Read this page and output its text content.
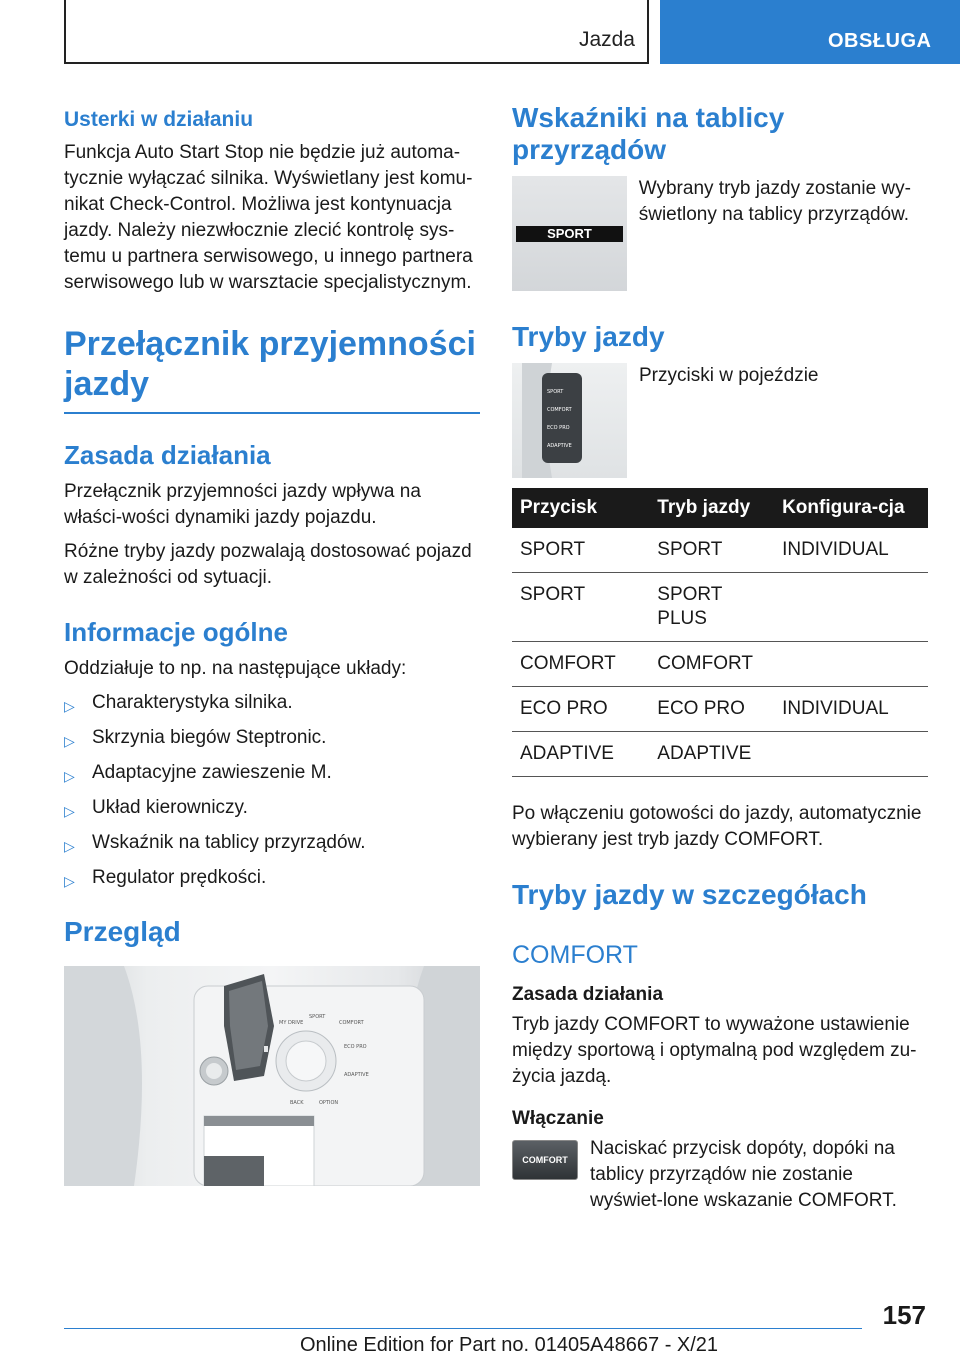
Jazda	OBSŁUGA
Usterki w działaniu

Funkcja Auto Start Stop nie będzie już automa-tycznie wyłączać silnika. Wyświetlany jest komu-nikat Check-Control. Możliwa jest kontynuacja jazdy. Należy niezwłocznie zlecić kontrolę sys-temu u partnera serwisowego, u innego partnera serwisowego lub w warsztacie specjalistycznym.

Przełącznik przyjemności
jazdy
Zasada działania

Przełącznik przyjemności jazdy wpływa na właści-wości dynamiki jazdy pojazdu.

Różne tryby jazdy pozwalają dostosować pojazd w zależności od sytuacji.

Informacje ogólne

Oddziałuje to np. na następujące układy:

▷ Charakterystyka silnika.
▷ Skrzynia biegów Steptronic.
▷ Adaptacyjne zawieszenie M.
▷ Układ kierowniczy.
▷ Wskaźnik na tablicy przyrządów.
▷ Regulator prędkości.
Przegląd
MY DRIVE
SPORT
COMFORT
ECO PRO
ADAPTIVE
BACK	OPTION
Wskaźniki na tablicy przyrządów
SPORT

Wybrany tryb jazdy zostanie wy-świetlony na tablicy przyrządów.

Tryby jazdy
SPORT
COMFORT
ECO PRO
ADAPTIVE

Przyciski w pojeździe

Przycisk	Tryb jazdy	Konfigura-cja
SPORT	SPORT	INDIVIDUAL
SPORT	SPORT PLUS	
COMFORT	COMFORT	
ECO PRO	ECO PRO	INDIVIDUAL
ADAPTIVE	ADAPTIVE	

Po włączeniu gotowości do jazdy, automatycznie wybierany jest tryb jazdy COMFORT.

Tryby jazdy w szczegółach
COMFORT
Zasada działania

Tryb jazdy COMFORT to wyważone ustawienie między sportową i optymalną pod względem zu-życia jazdą.

Włączanie
COMFORT

Naciskać przycisk dopóty, dopóki na tablicy przyrządów nie zostanie wyświet-lone wskazanie COMFORT.

157
Online Edition for Part no. 01405A48667 - X/21
